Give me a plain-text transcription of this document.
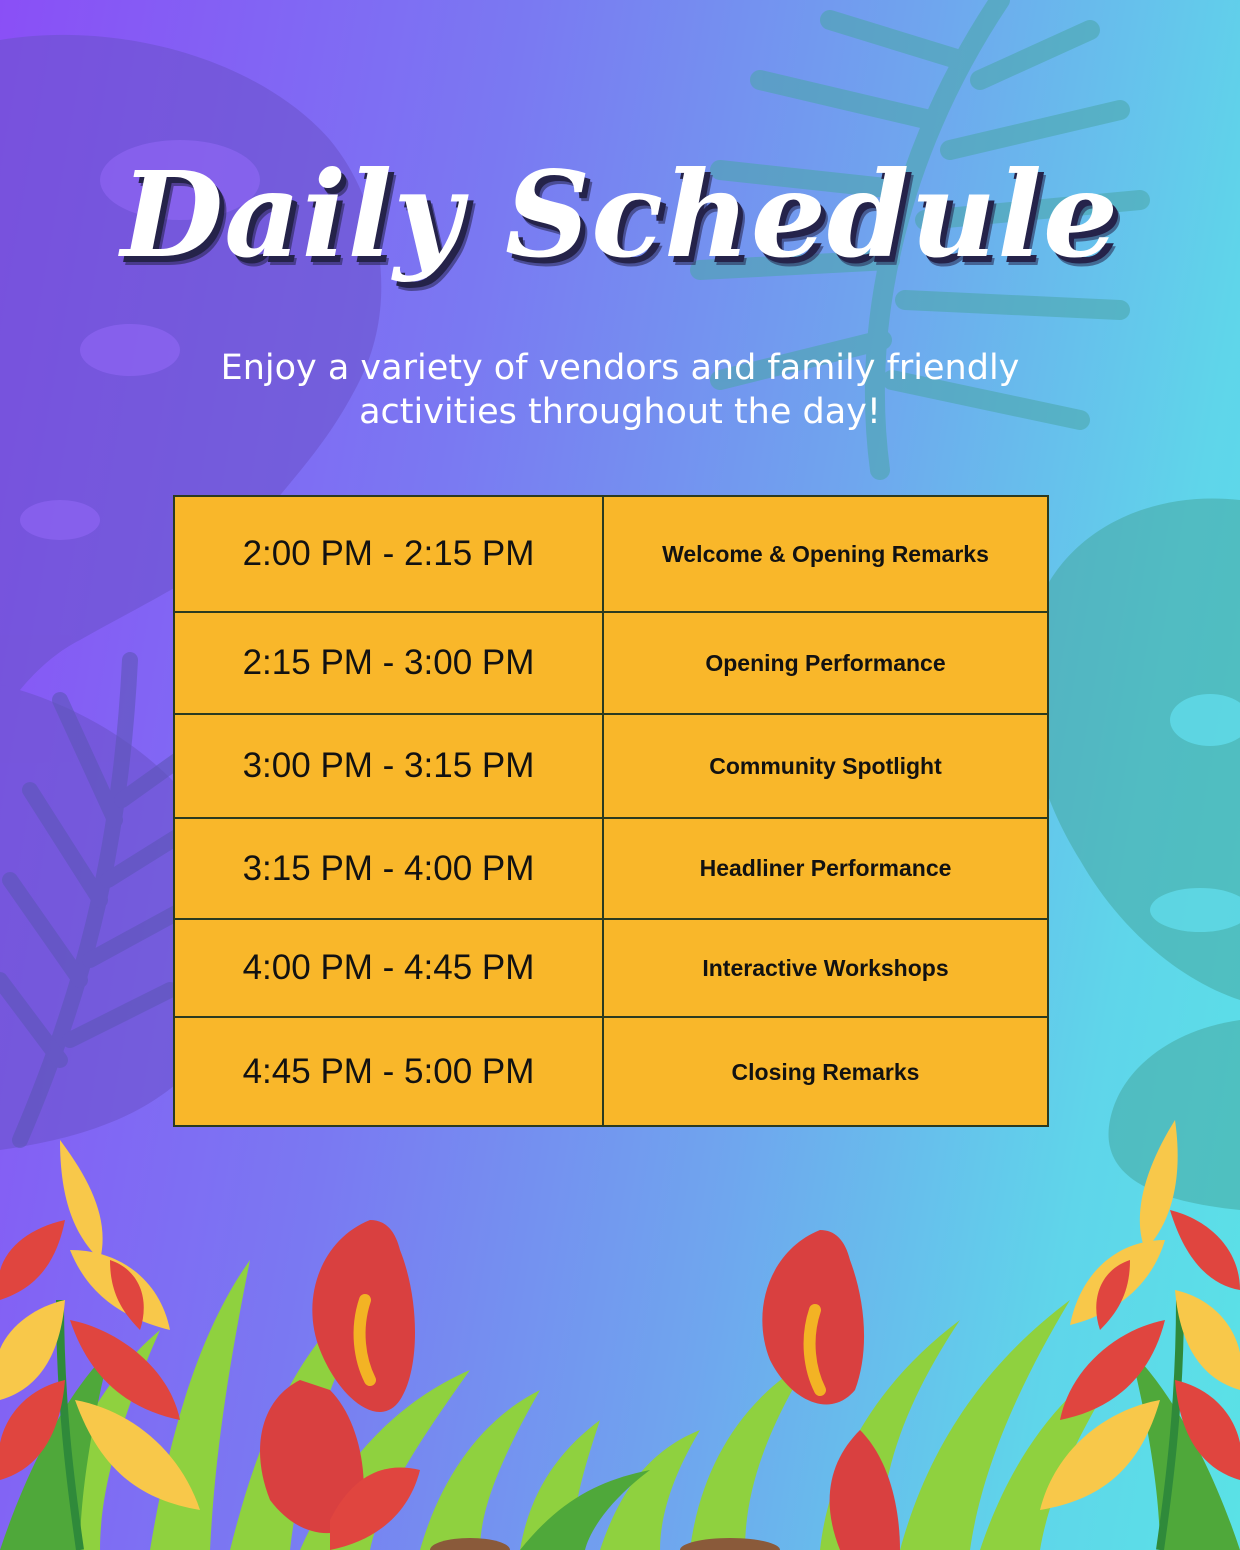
Daily Schedule
Enjoy a variety of vendors and family friendly activities throughout the day!
2:00 PM - 2:15 PM	Welcome & Opening Remarks
2:15 PM - 3:00 PM	Opening Performance
3:00 PM - 3:15 PM	Community Spotlight
3:15 PM - 4:00 PM	Headliner Performance
4:00 PM - 4:45 PM	Interactive Workshops
4:45 PM - 5:00 PM	Closing Remarks
